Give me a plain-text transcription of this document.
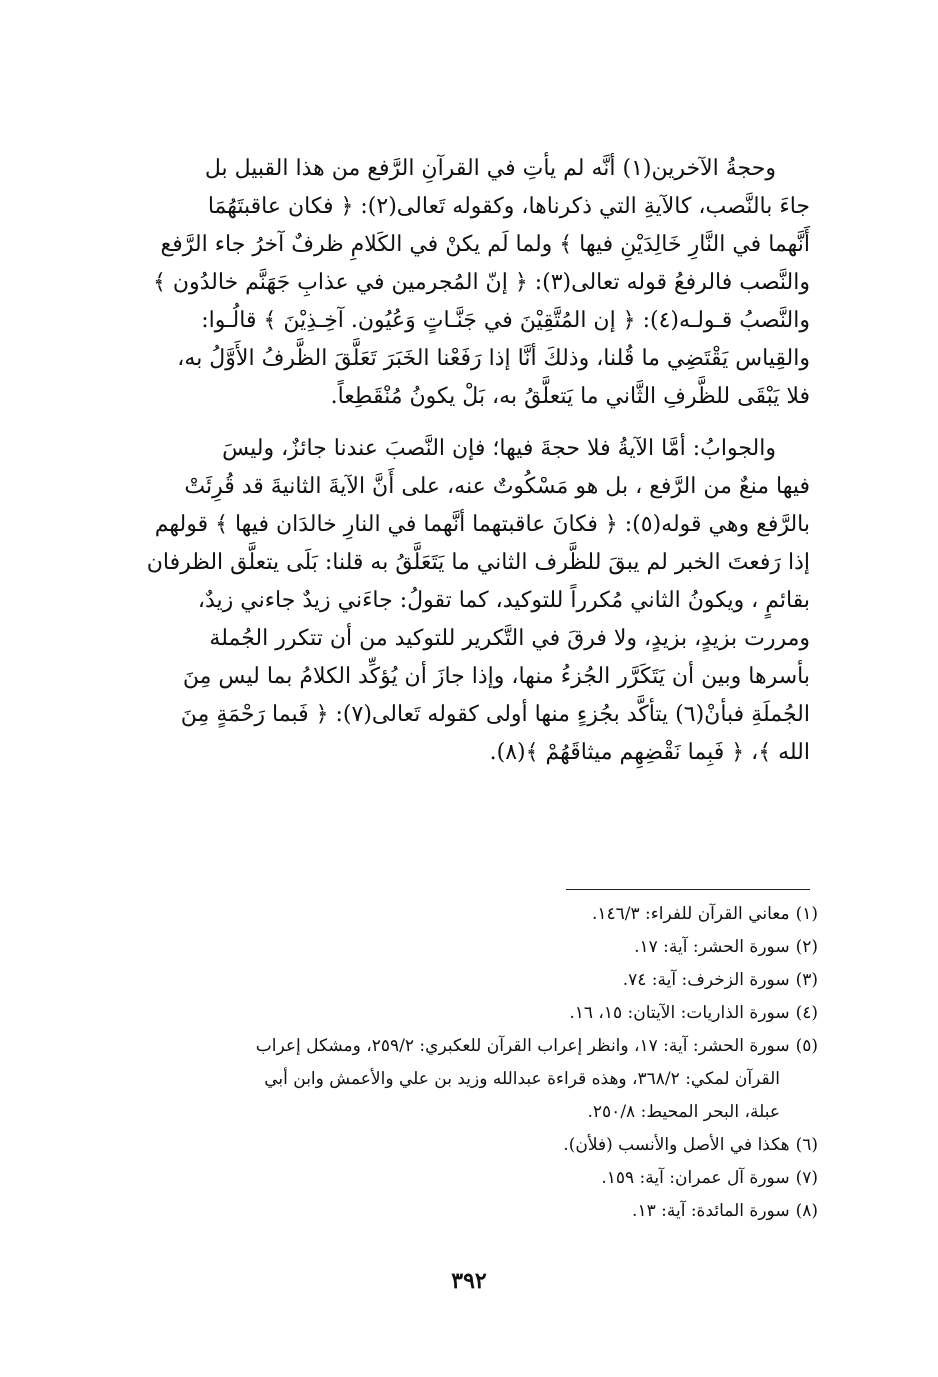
وحجةُ الآخرين(١) أنَّه لم يأتِ في القرآنِ الرَّفع من هذا القبيل بل
جاءَ بالنَّصب، كالآيةِ التي ذكرناها، وكقوله تَعالى(٢): ﴿ فكان عاقبتَهُمَا
أَنَّهما في النَّارِ خَالِدَيْنِ فيها ﴾ ولما لَم يكنْ في الكَلامِ ظرفٌ آخرُ جاء الرَّفع
والنَّصب فالرفعُ قوله تعالى(٣): ﴿ إنّ المُجرمين في عذابِ جَهَنَّم خالدُون ﴾
والنَّصبُ قـولـه(٤): ﴿ إن المُتَّقِيْنَ في جَنَّـاتٍ وَعُيُون. آخِـذِيْنَ ﴾ قالُـوا:
والقِياس يَقْتَضِي ما قُلنا، وذلكَ أنَّا إذا رَفَعْنا الخَبَرَ تَعَلَّقَ الظَّرفُ الأَوَّلُ به،
فلا يَبْقَى للظَّرفِ الثَّاني ما يَتعلَّقُ به، بَلْ يكونُ مُنْقَطِعاً.

والجوابُ: أمَّا الآيةُ فلا حجةَ فيها؛ فإن النَّصبَ عندنا جائزٌ، وليسَ
فيها منعٌ من الرَّفع ، بل هو مَسْكُوتٌ عنه، على أَنَّ الآيةَ الثانيةَ قد قُرِئَتْ
بالرَّفع وهي قوله(٥): ﴿ فكانَ عاقبتهما أنَّهما في النارِ خالدَان فيها ﴾ قولهم
إذا رَفعتَ الخبر لم يبقَ للظَّرف الثاني ما يَتَعَلَّقُ به قلنا: بَلَى يتعلَّق الظرفان
بقائمٍ ، ويكونُ الثاني مُكرراً للتوكيد، كما تقولُ: جاءَني زيدٌ جاءني زيدٌ،
ومررت بزيدٍ، بزيدٍ، ولا فرقَ في التَّكرير للتوكيد من أن تتكرر الجُملة
بأسرها وبين أن يَتَكَرَّر الجُزءُ منها، وإذا جازَ أن يُؤكِّد الكلامُ بما ليس مِنَ
الجُملَةِ فبأنْ(٦) يتأكَّد بجُزءٍ منها أولى كقوله تَعالى(٧): ﴿ فَبما رَحْمَةٍ مِنَ
الله ﴾، ﴿ فَبِما نَقْضِهِم ميثاقَهُمْ ﴾(٨).

(١)معاني القرآن للفراء: ١٤٦/٣.
(٢)سورة الحشر: آية: ١٧.
(٣)سورة الزخرف: آية: ٧٤.
(٤)سورة الذاريات: الآيتان: ١٥، ١٦.
(٥)سورة الحشر: آية: ١٧، وانظر إعراب القرآن للعكبري: ٢٥٩/٢، ومشكل إعراب
القرآن لمكي: ٣٦٨/٢، وهذه قراءة عبدالله وزيد بن علي والأعمش وابن أبي
عبلة، البحر المحيط: ٢٥٠/٨.
(٦)هكذا في الأصل والأنسب (فلأن).
(٧)سورة آل عمران: آية: ١٥٩.
(٨)سورة المائدة: آية: ١٣.
٣٩٢
